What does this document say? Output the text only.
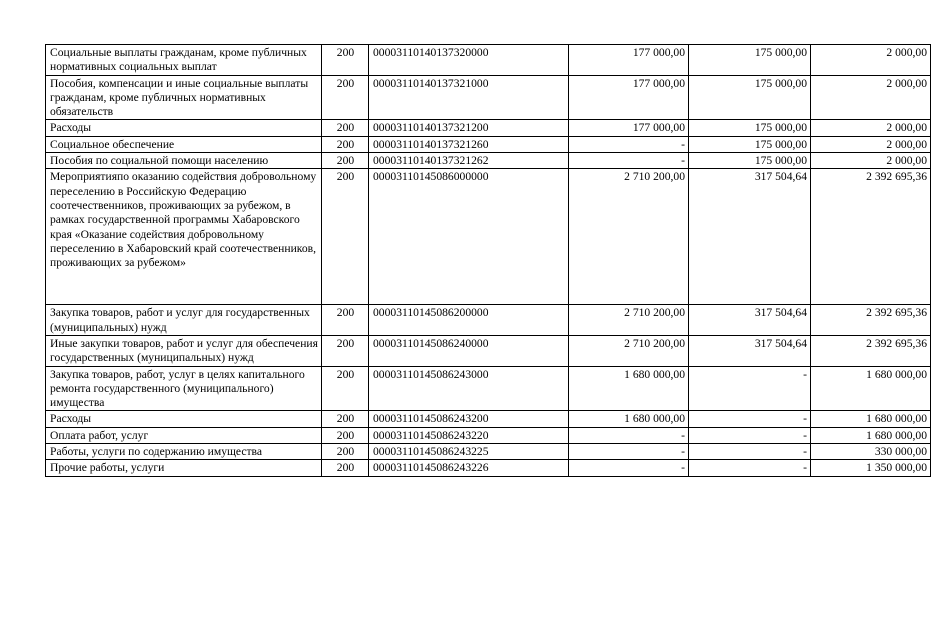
Социальные выплаты гражданам, кроме публичных нормативных социальных выплат	200	00003110140137320000	177 000,00	175 000,00	2 000,00
Пособия, компенсации и иные социальные выплаты гражданам, кроме публичных нормативных обязательств	200	00003110140137321000	177 000,00	175 000,00	2 000,00
Расходы	200	00003110140137321200	177 000,00	175 000,00	2 000,00
Социальное обеспечение	200	00003110140137321260	-	175 000,00	2 000,00
Пособия по социальной помощи населению	200	00003110140137321262	-	175 000,00	2 000,00
Мероприятияпо оказанию содействия добровольному переселению в Российскую Федерацию соотечественников, проживающих за рубежом, в рамках государственной программы Хабаровского края «Оказание содействия добровольному переселению в Хабаровский край соотечественников, проживающих за рубежом»	200	00003110145086000000	2 710 200,00	317 504,64	2 392 695,36
Закупка товаров, работ и услуг для государственных (муниципальных) нужд	200	00003110145086200000	2 710 200,00	317 504,64	2 392 695,36
Иные закупки товаров, работ и услуг для обеспечения государственных (муниципальных) нужд	200	00003110145086240000	2 710 200,00	317 504,64	2 392 695,36
Закупка товаров, работ, услуг в целях капитального ремонта государственного (муниципального) имущества	200	00003110145086243000	1 680 000,00	-	1 680 000,00
Расходы	200	00003110145086243200	1 680 000,00	-	1 680 000,00
Оплата работ, услуг	200	00003110145086243220	-	-	1 680 000,00
Работы, услуги по содержанию имущества	200	00003110145086243225	-	-	330 000,00
Прочие работы, услуги	200	00003110145086243226	-	-	1 350 000,00
